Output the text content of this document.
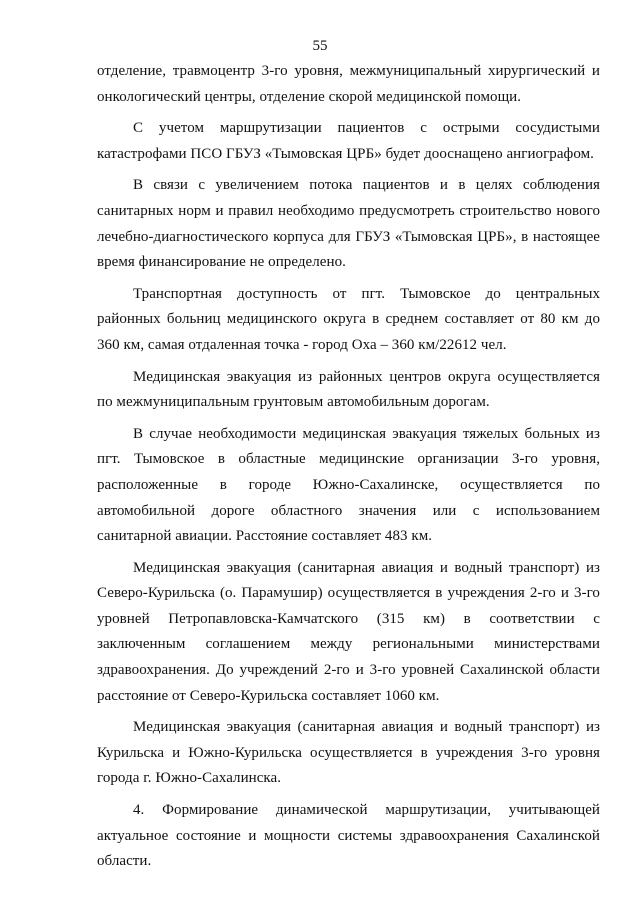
55

отделение, травмоцентр 3-го уровня, межмуниципальный хирургический и онкологический центры, отделение скорой медицинской помощи.

С учетом маршрутизации пациентов с острыми сосудистыми катастрофами ПСО ГБУЗ «Тымовская ЦРБ» будет дооснащено ангиографом.

В связи с увеличением потока пациентов и в целях соблюдения санитарных норм и правил необходимо предусмотреть строительство нового лечебно-диагностического корпуса для ГБУЗ «Тымовская ЦРБ», в настоящее время финансирование не определено.

Транспортная доступность от пгт. Тымовское до центральных районных больниц медицинского округа в среднем составляет от 80 км до 360 км, самая отдаленная точка - город Оха – 360 км/22612 чел.

Медицинская эвакуация из районных центров округа осуществляется по межмуниципальным грунтовым автомобильным дорогам.

В случае необходимости медицинская эвакуация тяжелых больных из пгт. Тымовское в областные медицинские организации 3-го уровня, расположенные в городе Южно-Сахалинске, осуществляется по автомобильной дороге областного значения или с использованием санитарной авиации. Расстояние составляет 483 км.

Медицинская эвакуация (санитарная авиация и водный транспорт) из Северо-Курильска (о. Парамушир) осуществляется в учреждения 2-го и 3-го уровней Петропавловска-Камчатского (315 км) в соответствии с заключенным соглашением между региональными министерствами здравоохранения. До учреждений 2-го и 3-го уровней Сахалинской области расстояние от Северо-Курильска составляет 1060 км.

Медицинская эвакуация (санитарная авиация и водный транспорт) из Курильска и Южно-Курильска осуществляется в учреждения 3-го уровня города г. Южно-Сахалинска.

4. Формирование динамической маршрутизации, учитывающей актуальное состояние и мощности системы здравоохранения Сахалинской области.
